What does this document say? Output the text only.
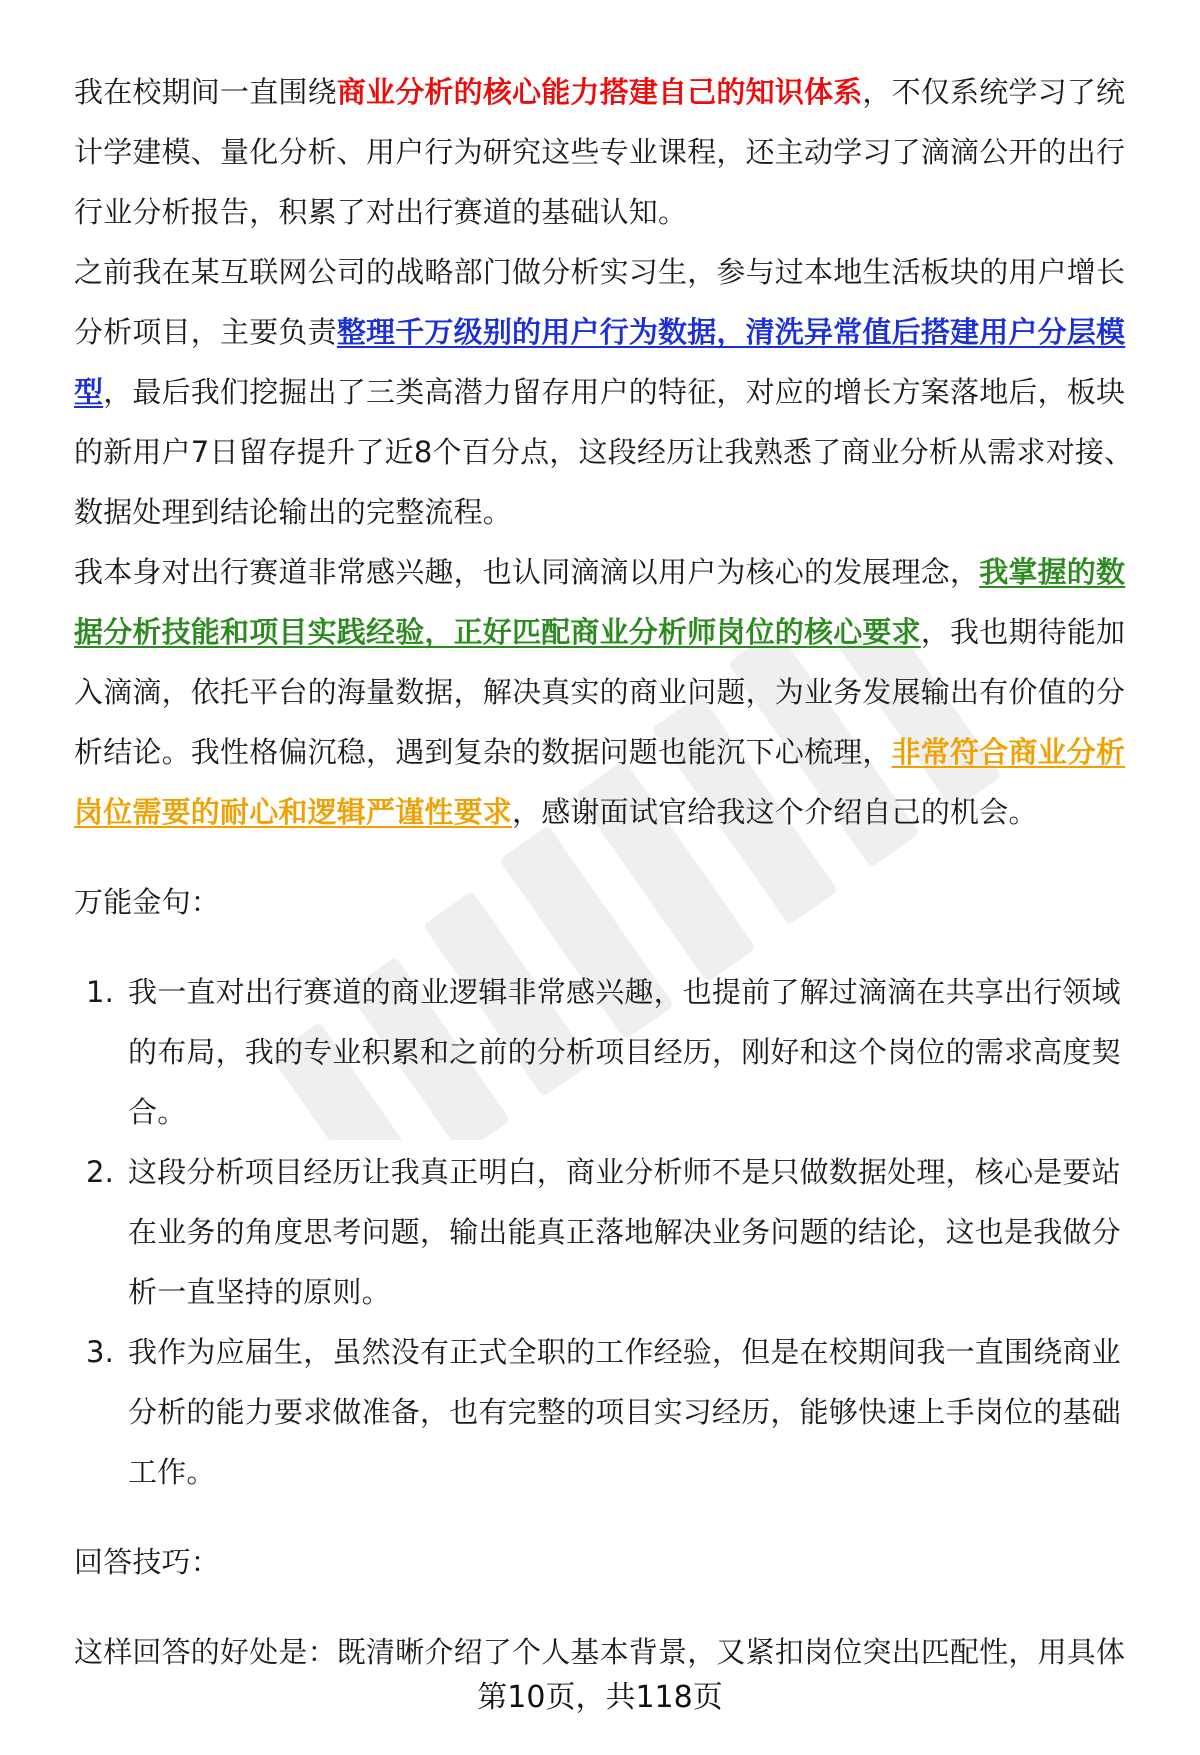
我在校期间一直围绕商业分析的核心能力搭建自己的知识体系，不仅系统学习了统计学建模、量化分析、用户行为研究这些专业课程，还主动学习了滴滴公开的出行行业分析报告，积累了对出行赛道的基础认知。

之前我在某互联网公司的战略部门做分析实习生，参与过本地生活板块的用户增长分析项目，主要负责整理千万级别的用户行为数据，清洗异常值后搭建用户分层模型，最后我们挖掘出了三类高潜力留存用户的特征，对应的增长方案落地后，板块的新用户7日留存提升了近8个百分点，这段经历让我熟悉了商业分析从需求对接、数据处理到结论输出的完整流程。

我本身对出行赛道非常感兴趣，也认同滴滴以用户为核心的发展理念，我掌握的数据分析技能和项目实践经验，正好匹配商业分析师岗位的核心要求，我也期待能加入滴滴，依托平台的海量数据，解决真实的商业问题，为业务发展输出有价值的分析结论。我性格偏沉稳，遇到复杂的数据问题也能沉下心梳理，非常符合商业分析岗位需要的耐心和逻辑严谨性要求，感谢面试官给我这个介绍自己的机会。

万能金句：

1. 我一直对出行赛道的商业逻辑非常感兴趣，也提前了解过滴滴在共享出行领域的布局，我的专业积累和之前的分析项目经历，刚好和这个岗位的需求高度契合。
2. 这段分析项目经历让我真正明白，商业分析师不是只做数据处理，核心是要站在业务的角度思考问题，输出能真正落地解决业务问题的结论，这也是我做分析一直坚持的原则。
3. 我作为应届生，虽然没有正式全职的工作经验，但是在校期间我一直围绕商业分析的能力要求做准备，也有完整的项目实习经历，能够快速上手岗位的基础工作。

回答技巧：

这样回答的好处是：既清晰介绍了个人基本背景，又紧扣岗位突出匹配性，用具体

第10页，共118页
